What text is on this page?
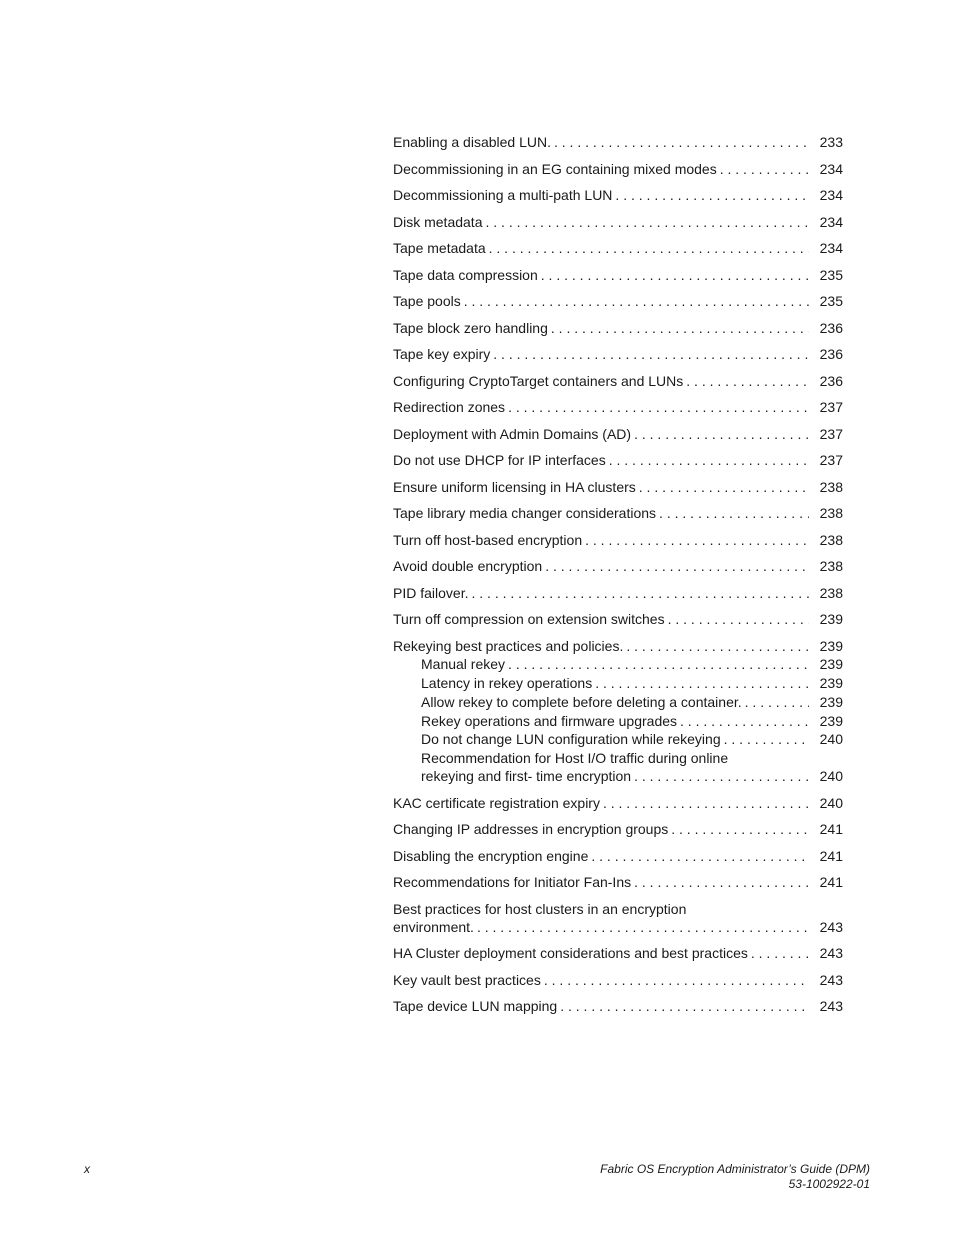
Enabling a disabled LUN. . . .	233
Decommissioning in an EG containing mixed modes . . .	234
Decommissioning a multi-path LUN . . .	234
Disk metadata . . .	234
Tape metadata . . .	234
Tape data compression . . .	235
Tape pools . . .	235
Tape block zero handling . . .	236
Tape key expiry . . .	236
Configuring CryptoTarget containers and LUNs . . .	236
Redirection zones . . .	237
Deployment with Admin Domains (AD) . . .	237
Do not use DHCP for IP interfaces . . .	237
Ensure uniform licensing in HA clusters . . .	238
Tape library media changer considerations . . .	238
Turn off host-based encryption . . .	238
Avoid double encryption . . .	238
PID failover. . . .	238
Turn off compression on extension switches . . .	239
Rekeying best practices and policies. . . .	239
Manual rekey . . .	239
Latency in rekey operations . . .	239
Allow rekey to complete before deleting a container. . . .	239
Rekey operations and firmware upgrades . . .	239
Do not change LUN configuration while rekeying . . .	240
Recommendation for Host I/O traffic during online
rekeying and first- time encryption . . .	240
KAC certificate registration expiry . . .	240
Changing IP addresses in encryption groups . . .	241
Disabling the encryption engine . . .	241
Recommendations for Initiator Fan-Ins . . .	241
Best practices for host clusters in an encryption
environment. . . .	243
HA Cluster deployment considerations and best practices . . .	243
Key vault best practices . . .	243
Tape device LUN mapping . . .	243
x	Fabric OS Encryption Administrator’s Guide (DPM)
53-1002922-01
